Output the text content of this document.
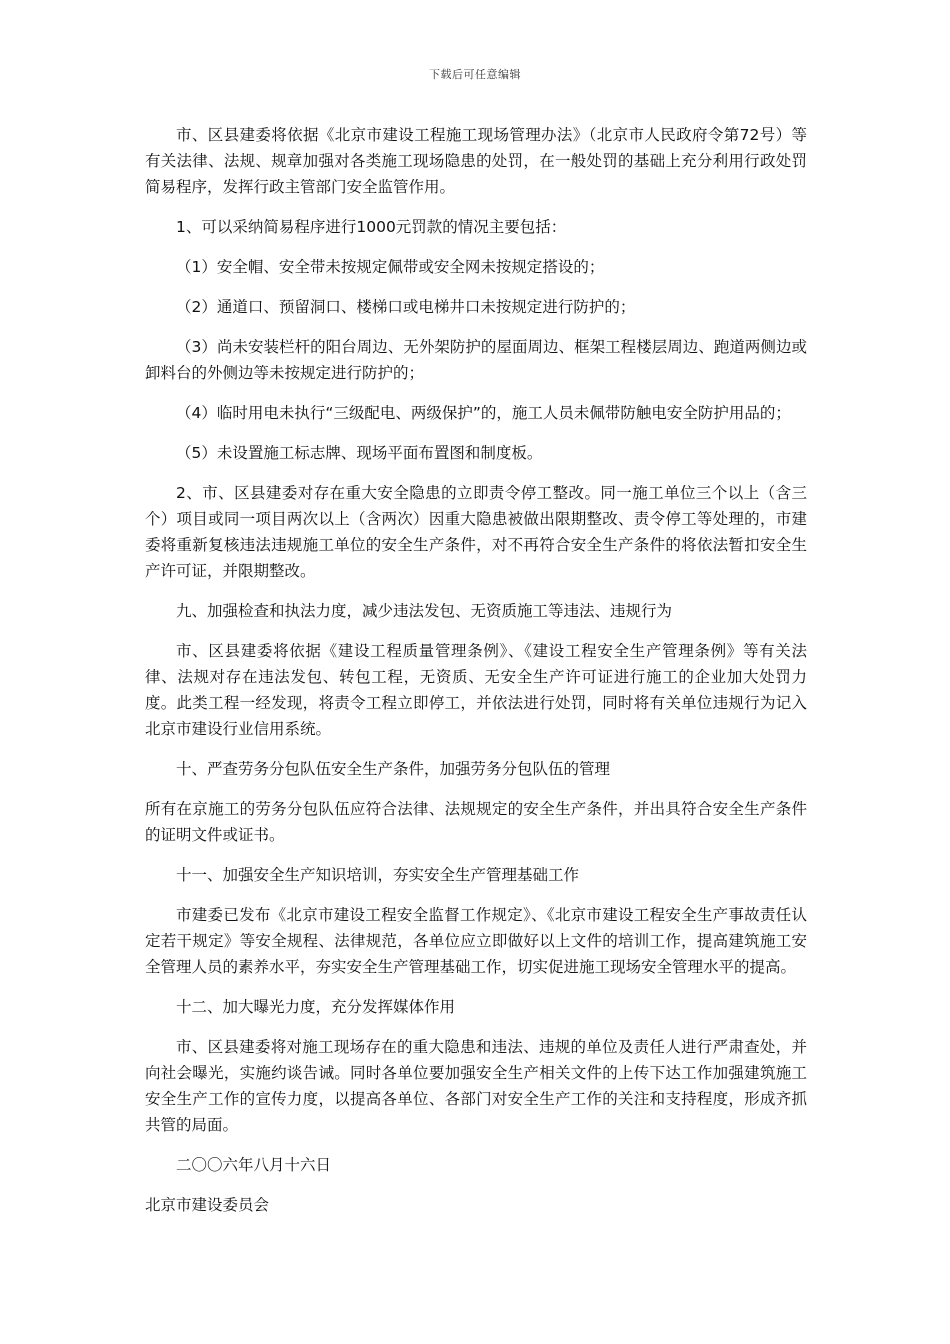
下载后可任意编辑

市、区县建委将依据《北京市建设工程施工现场管理办法》（北京市人民政府令第72号）等有关法律、法规、规章加强对各类施工现场隐患的处罚，在一般处罚的基础上充分利用行政处罚简易程序，发挥行政主管部门安全监管作用。

1、可以采纳简易程序进行1000元罚款的情况主要包括：

（1）安全帽、安全带未按规定佩带或安全网未按规定搭设的；

（2）通道口、预留洞口、楼梯口或电梯井口未按规定进行防护的；

（3）尚未安装栏杆的阳台周边、无外架防护的屋面周边、框架工程楼层周边、跑道两侧边或卸料台的外侧边等未按规定进行防护的；

（4）临时用电未执行“三级配电、两级保护”的，施工人员未佩带防触电安全防护用品的；

（5）未设置施工标志牌、现场平面布置图和制度板。

2、市、区县建委对存在重大安全隐患的立即责令停工整改。同一施工单位三个以上（含三个）项目或同一项目两次以上（含两次）因重大隐患被做出限期整改、责令停工等处理的，市建委将重新复核违法违规施工单位的安全生产条件，对不再符合安全生产条件的将依法暂扣安全生产许可证，并限期整改。

九、加强检查和执法力度，减少违法发包、无资质施工等违法、违规行为

市、区县建委将依据《建设工程质量管理条例》、《建设工程安全生产管理条例》等有关法律、法规对存在违法发包、转包工程，无资质、无安全生产许可证进行施工的企业加大处罚力度。此类工程一经发现，将责令工程立即停工，并依法进行处罚，同时将有关单位违规行为记入北京市建设行业信用系统。

十、严查劳务分包队伍安全生产条件，加强劳务分包队伍的管理

所有在京施工的劳务分包队伍应符合法律、法规规定的安全生产条件，并出具符合安全生产条件的证明文件或证书。

十一、加强安全生产知识培训，夯实安全生产管理基础工作

市建委已发布《北京市建设工程安全监督工作规定》、《北京市建设工程安全生产事故责任认定若干规定》等安全规程、法律规范，各单位应立即做好以上文件的培训工作，提高建筑施工安全管理人员的素养水平，夯实安全生产管理基础工作，切实促进施工现场安全管理水平的提高。

十二、加大曝光力度，充分发挥媒体作用

市、区县建委将对施工现场存在的重大隐患和违法、违规的单位及责任人进行严肃查处，并向社会曝光，实施约谈告诫。同时各单位要加强安全生产相关文件的上传下达工作加强建筑施工安全生产工作的宣传力度，以提高各单位、各部门对安全生产工作的关注和支持程度，形成齐抓共管的局面。

二〇〇六年八月十六日

北京市建设委员会
